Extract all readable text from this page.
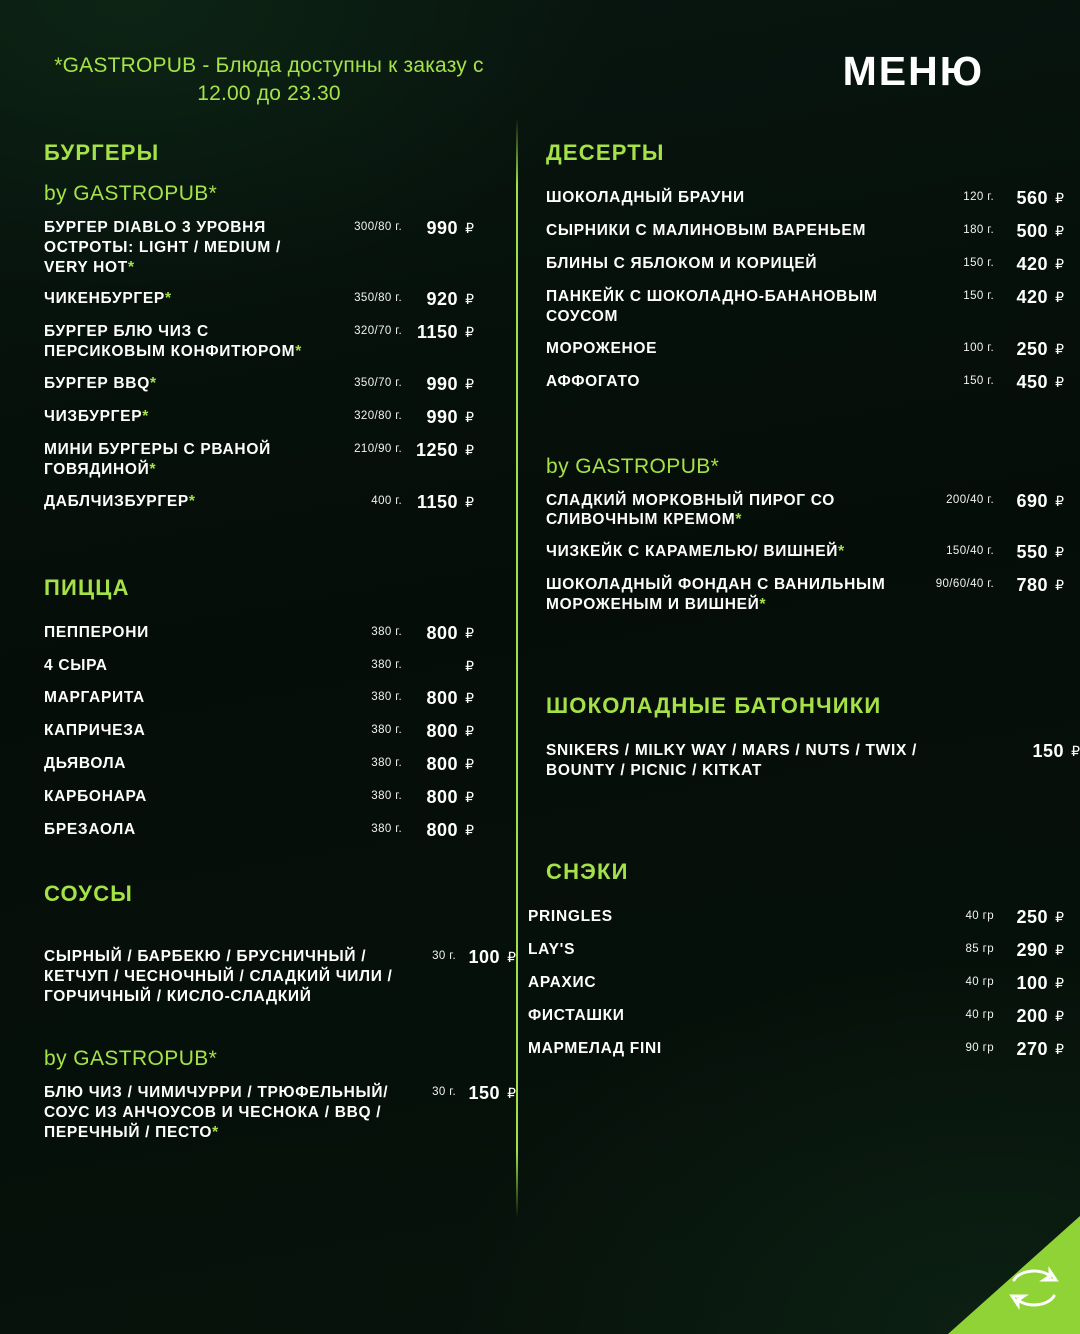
*GASTROPUB - Блюда доступны к заказу с 12.00 до 23.30	МЕНЮ
БУРГЕРЫ
by GASTROPUB*
БУРГЕР DIABLO 3 УРОВНЯ ОСТРОТЫ: LIGHT / MEDIUM / VERY HOT*
300/80 г.	990 ₽
ЧИКЕНБУРГЕР*	350/80 г.	920 ₽
БУРГЕР БЛЮ ЧИЗ С ПЕРСИКОВЫМ КОНФИТЮРОМ*
320/70 г. 1150 ₽
БУРГЕР BBQ*	350/70 г.	990 ₽
ЧИЗБУРГЕР*	320/80 г.	990 ₽
МИНИ БУРГЕРЫ С РВАНОЙ ГОВЯДИНОЙ*
210/90 г. 1250 ₽
ДАБЛЧИЗБУРГЕР*	400 г. 1150 ₽
ПИЦЦА
ПЕППЕРОНИ	380 г.	800 ₽
4 СЫРА	380 г.	₽
МАРГАРИТА	380 г.	800 ₽
КАПРИЧЕЗА	380 г.	800 ₽
ДЬЯВОЛА	380 г.	800 ₽
КАРБОНАРА	380 г.	800 ₽
БРЕЗАОЛА	380 г.	800 ₽
СОУСЫ
СЫРНЫЙ / БАРБЕКЮ / БРУСНИЧНЫЙ / КЕТЧУП / ЧЕСНОЧНЫЙ / СЛАДКИЙ ЧИЛИ / ГОРЧИЧНЫЙ / КИСЛО-СЛАДКИЙ
30 г. 100 ₽
by GASTROPUB*
БЛЮ ЧИЗ / ЧИМИЧУРРИ / ТРЮФЕЛЬНЫЙ/ СОУС ИЗ АНЧОУСОВ И ЧЕСНОКА / BBQ / ПЕРЕЧНЫЙ / ПЕСТО*
30 г. 150 ₽
ДЕСЕРТЫ
ШОКОЛАДНЫЙ БРАУНИ	120 г.	560 ₽
СЫРНИКИ С МАЛИНОВЫМ ВАРЕНЬЕМ	180 г.	500 ₽
БЛИНЫ С ЯБЛОКОМ И КОРИЦЕЙ	150 г.	420 ₽
ПАНКЕЙК С ШОКОЛАДНО-БАНАНОВЫМ СОУСОМ
150 г.	420 ₽
МОРОЖЕНОЕ	100 г.	250 ₽
АФФОГАТО	150 г.	450 ₽
by GASTROPUB*
СЛАДКИЙ МОРКОВНЫЙ ПИРОГ СО СЛИВОЧНЫМ КРЕМОМ*
200/40 г.	690 ₽
ЧИЗКЕЙК С КАРАМЕЛЬЮ/ ВИШНЕЙ*	150/40 г.	550 ₽
ШОКОЛАДНЫЙ ФОНДАН С ВАНИЛЬНЫМ МОРОЖЕНЫМ И ВИШНЕЙ*
90/60/40 г.	780 ₽
ШОКОЛАДНЫЕ БАТОНЧИКИ
SNIKERS / MILKY WAY / MARS / NUTS / TWIX / BOUNTY / PICNIC / KITKAT
150 ₽
СНЭКИ
PRINGLES	40 гр	250 ₽
LAY'S	85 гр	290 ₽
АРАХИС	40 гр	100 ₽
ФИСТАШКИ	40 гр	200 ₽
МАРМЕЛАД FINI	90 гр	270 ₽
